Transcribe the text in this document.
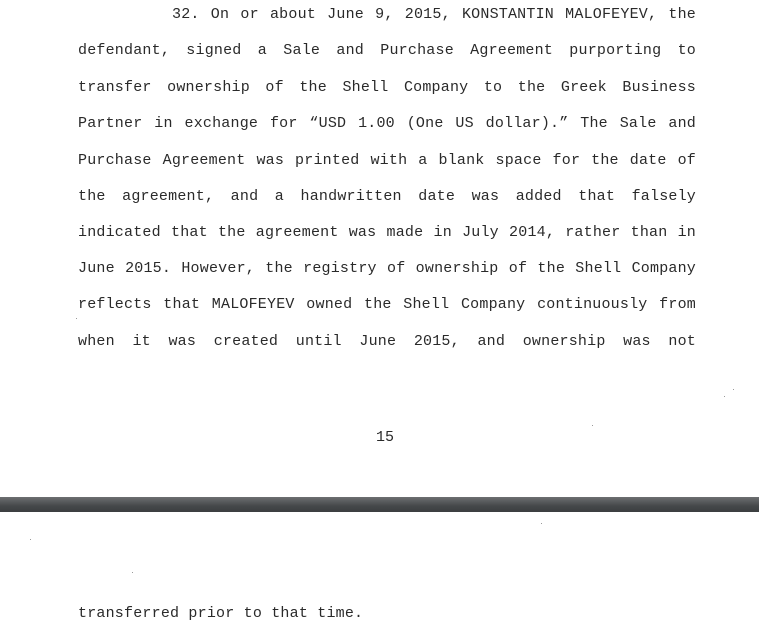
32. On or about June 9, 2015, KONSTANTIN MALOFEYEV, the
defendant, signed a Sale and Purchase Agreement purporting to
transfer ownership of the Shell Company to the Greek Business
Partner in exchange for “USD 1.00 (One US dollar).” The Sale and
Purchase Agreement was printed with a blank space for the date of
the agreement, and a handwritten date was added that falsely
indicated that the agreement was made in July 2014, rather than in
June 2015. However, the registry of ownership of the Shell Company
reflects that MALOFEYEV owned the Shell Company continuously from
when it was created until June 2015, and ownership was not
15
transferred prior to that time.
